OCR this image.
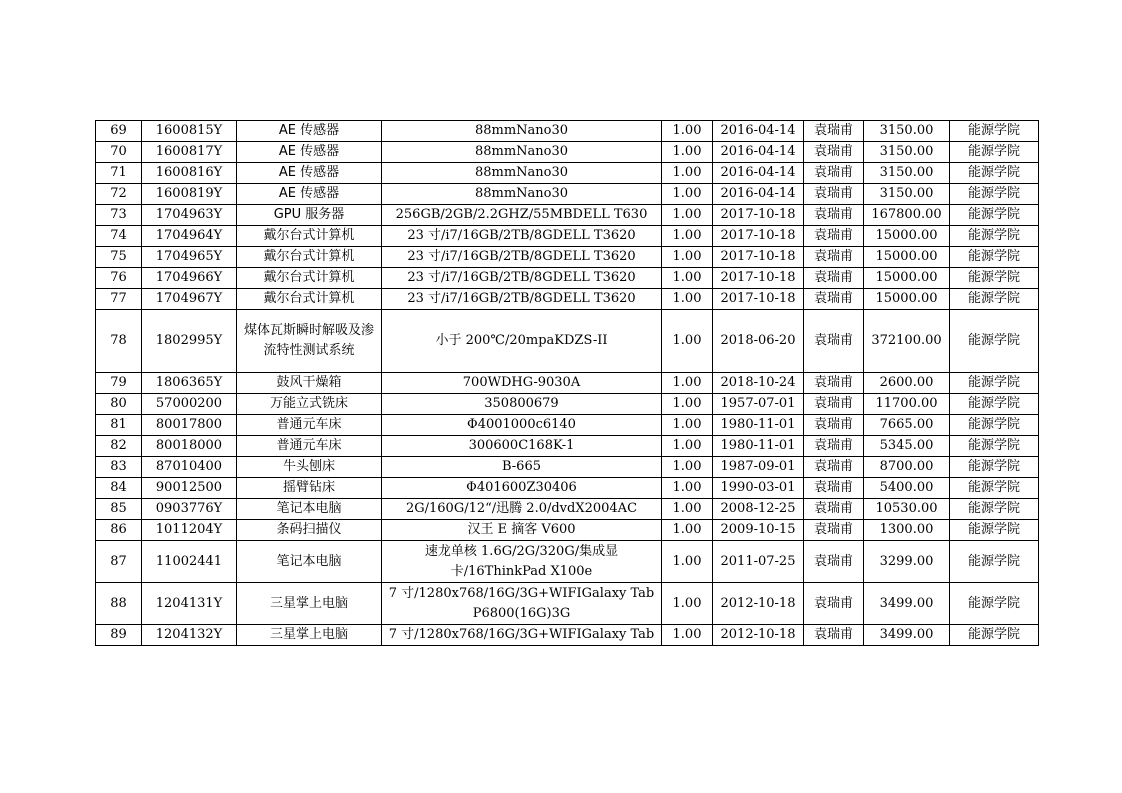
69	1600815Y	AE 传感器	88mmNano30	1.00	2016-04-14	袁瑞甫	3150.00	能源学院
70	1600817Y	AE 传感器	88mmNano30	1.00	2016-04-14	袁瑞甫	3150.00	能源学院
71	1600816Y	AE 传感器	88mmNano30	1.00	2016-04-14	袁瑞甫	3150.00	能源学院
72	1600819Y	AE 传感器	88mmNano30	1.00	2016-04-14	袁瑞甫	3150.00	能源学院
73	1704963Y	GPU 服务器	256GB/2GB/2.2GHZ/55MBDELL T630	1.00	2017-10-18	袁瑞甫	167800.00	能源学院
74	1704964Y	戴尔台式计算机	23 寸/i7/16GB/2TB/8GDELL T3620	1.00	2017-10-18	袁瑞甫	15000.00	能源学院
75	1704965Y	戴尔台式计算机	23 寸/i7/16GB/2TB/8GDELL T3620	1.00	2017-10-18	袁瑞甫	15000.00	能源学院
76	1704966Y	戴尔台式计算机	23 寸/i7/16GB/2TB/8GDELL T3620	1.00	2017-10-18	袁瑞甫	15000.00	能源学院
77	1704967Y	戴尔台式计算机	23 寸/i7/16GB/2TB/8GDELL T3620	1.00	2017-10-18	袁瑞甫	15000.00	能源学院
78	1802995Y	煤体瓦斯瞬时解吸及渗流特性测试系统	小于 200℃/20mpaKDZS-II	1.00	2018-06-20	袁瑞甫	372100.00	能源学院
79	1806365Y	鼓风干燥箱	700WDHG-9030A	1.00	2018-10-24	袁瑞甫	2600.00	能源学院
80	57000200	万能立式铣床	350800679	1.00	1957-07-01	袁瑞甫	11700.00	能源学院
81	80017800	普通元车床	Φ4001000c6140	1.00	1980-11-01	袁瑞甫	7665.00	能源学院
82	80018000	普通元车床	300600C168K-1	1.00	1980-11-01	袁瑞甫	5345.00	能源学院
83	87010400	牛头刨床	B-665	1.00	1987-09-01	袁瑞甫	8700.00	能源学院
84	90012500	摇臂钻床	Φ401600Z30406	1.00	1990-03-01	袁瑞甫	5400.00	能源学院
85	0903776Y	笔记本电脑	2G/160G/12“/迅腾 2.0/dvdX2004AC	1.00	2008-12-25	袁瑞甫	10530.00	能源学院
86	1011204Y	条码扫描仪	汉王 E 摘客 V600	1.00	2009-10-15	袁瑞甫	1300.00	能源学院
87	11002441	笔记本电脑	速龙单核 1.6G/2G/320G/集成显卡/16ThinkPad X100e	1.00	2011-07-25	袁瑞甫	3299.00	能源学院
88	1204131Y	三星掌上电脑	7 寸/1280x768/16G/3G+WIFIGalaxy Tab P6800(16G)3G	1.00	2012-10-18	袁瑞甫	3499.00	能源学院
89	1204132Y	三星掌上电脑	7 寸/1280x768/16G/3G+WIFIGalaxy Tab	1.00	2012-10-18	袁瑞甫	3499.00	能源学院
